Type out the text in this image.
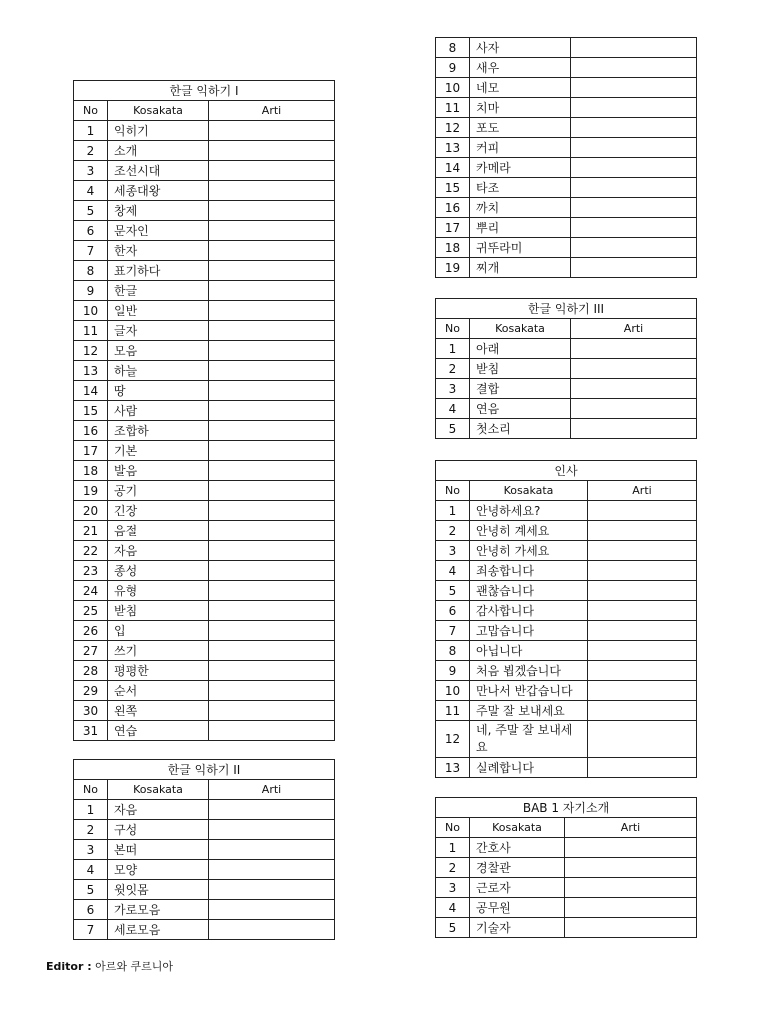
한글 익하기 I		
No	Kosakata	Arti
1	익히기	
2	소개	
3	조선시대	
4	세종대왕	
5	창제	
6	문자인	
7	한자	
8	표기하다	
9	한글	
10	일반	
11	글자	
12	모음	
13	하늘	
14	땅	
15	사람	
16	조합하	
17	기본	
18	발음	
19	공기	
20	긴장	
21	음절	
22	자음	
23	종성	
24	유형	
25	받침	
26	입	
27	쓰기	
28	평평한	
29	순서	
30	왼쪽	
31	연습	
한글 익하기 II		
No	Kosakata	Arti
1	자음	
2	구성	
3	본떠	
4	모양	
5	윗잇몸	
6	가로모음	
7	세로모음	
8	사자	
9	새우	
10	네모	
11	치마	
12	포도	
13	커피	
14	카메라	
15	타조	
16	까치	
17	뿌리	
18	귀뚜라미	
19	찌개	
한글 익하기 III		
No	Kosakata	Arti
1	아래	
2	받침	
3	결합	
4	연음	
5	첫소리	
인사		
No	Kosakata	Arti
1	안녕하세요?	
2	안녕히 계세요	
3	안녕히 가세요	
4	죄송합니다	
5	괜찮습니다	
6	감사합니다	
7	고맙습니다	
8	아닙니다	
9	처음 뵙겠습니다	
10	만나서 반갑습니다	
11	주말 잘 보내세요	
12	네, 주말 잘 보내세요	
13	실례합니다	
BAB 1 자기소개		
No	Kosakata	Arti
1	간호사	
2	경찰관	
3	근로자	
4	공무원	
5	기술자	
Editor : 아르와 쿠르니아
